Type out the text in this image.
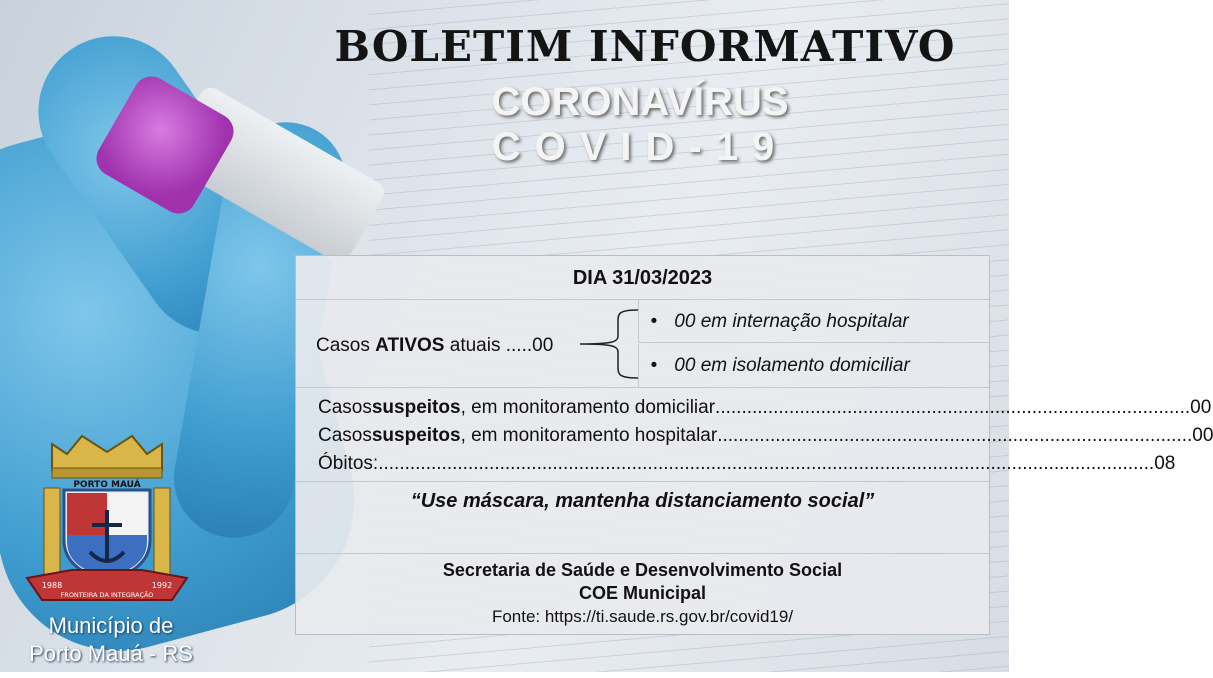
BOLETIM INFORMATIVO
CORONAVÍRUS
COVID-19
DIA 31/03/2023
Casos ATIVOS atuais .....00
• 00 em internação hospitalar
• 00 em isolamento domiciliar
Casos suspeitos , em monitoramento domiciliar .......................................................................................... 00
Casos suspeitos , em monitoramento hospitalar .......................................................................................... 00
Óbitos: ................................................................................................................................................... 08
“Use máscara, mantenha distanciamento social”
Secretaria de Saúde e Desenvolvimento Social
COE Municipal
Fonte: https://ti.saude.rs.gov.br/covid19/
PORTO MAUÁ
1988	1992
FRONTEIRA DA INTEGRAÇÃO
Município de
Porto Mauá - RS
